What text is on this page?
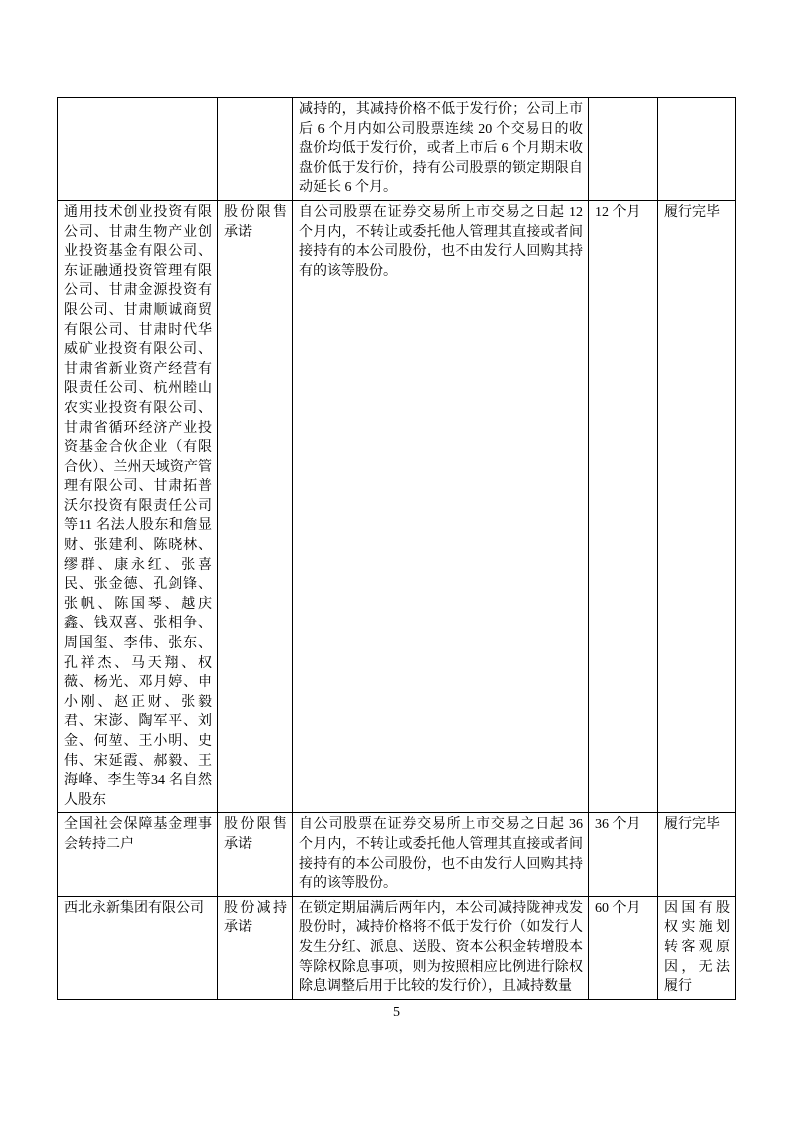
		减持的，其减持价格不低于发行价；公司上市后 6 个月内如公司股票连续 20 个交易日的收盘价均低于发行价，或者上市后 6 个月期末收盘价低于发行价，持有公司股票的锁定期限自动延长 6 个月。		
通用技术创业投资有限公司、甘肃生物产业创业投资基金有限公司、东证融通投资管理有限公司、甘肃金源投资有限公司、甘肃顺诚商贸有限公司、甘肃时代华威矿业投资有限公司、甘肃省新业资产经营有限责任公司、杭州睦山农实业投资有限公司、甘肃省循环经济产业投资基金合伙企业（有限合伙）、兰州天域资产管理有限公司、甘肃拓普沃尔投资有限责任公司等11 名法人股东和詹显财、张建利、陈晓林、缪群、康永红、张喜民、张金德、孔剑锋、张帆、陈国琴、越庆鑫、钱双喜、张相争、周国玺、李伟、张东、孔祥杰、马天翔、权薇、杨光、邓月婷、申小刚、赵正财、张毅君、宋澎、陶军平、刘金、何堃、王小明、史伟、宋延霞、郝毅、王海峰、李生等34 名自然人股东	股份限售承诺	自公司股票在证券交易所上市交易之日起 12 个月内，不转让或委托他人管理其直接或者间接持有的本公司股份，也不由发行人回购其持有的该等股份。	12 个月	履行完毕
全国社会保障基金理事会转持二户	股份限售承诺	自公司股票在证券交易所上市交易之日起 36 个月内，不转让或委托他人管理其直接或者间接持有的本公司股份，也不由发行人回购其持有的该等股份。	36 个月	履行完毕
西北永新集团有限公司	股份减持承诺	在锁定期届满后两年内，本公司减持陇神戎发股份时，减持价格将不低于发行价（如发行人发生分红、派息、送股、资本公积金转增股本等除权除息事项，则为按照相应比例进行除权除息调整后用于比较的发行价），且减持数量	60 个月	因国有股权实施划转客观原因，无法履行
5
